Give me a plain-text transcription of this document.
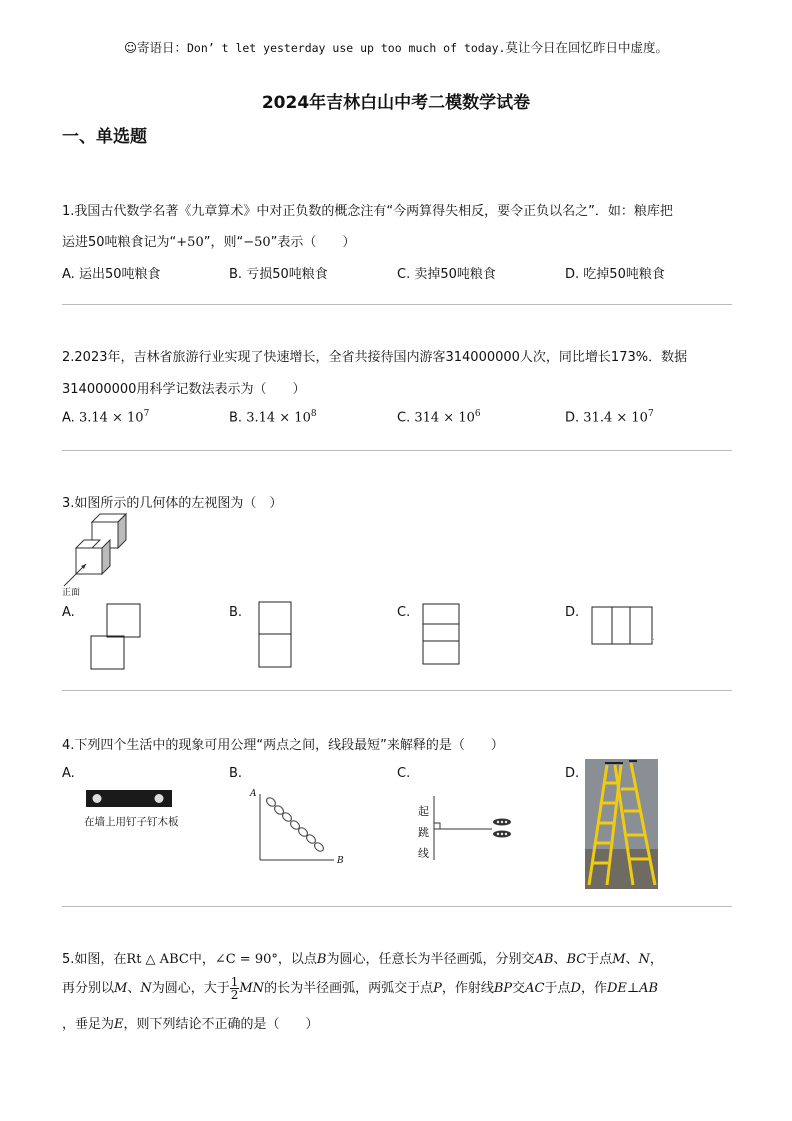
☺寄语日：Don’ t let yesterday use up too much of today.莫让今日在回忆昨日中虚度。
2024年吉林白山中考二模数学试卷
一、单选题
1.我国古代数学名著《九章算术》中对正负数的概念注有“今两算得失相反，要令正负以名之”．如：粮库把
运进50吨粮食记为“+50”，则“−50”表示（　　）
A. 运出50吨粮食	B. 亏损50吨粮食	C. 卖掉50吨粮食	D. 吃掉50吨粮食
2.2023年，吉林省旅游行业实现了快速增长，全省共接待国内游客314000000人次，同比增长173%．数据
314000000用科学记数法表示为（　　）
A. $3.14 \times 10^7$	B. $3.14 \times 10^8$	C. $314 \times 10^6$	D. $31.4 \times 10^7$
3.如图所示的几何体的左视图为（　）
正面
A.	B.	C.	D.
4.下列四个生活中的现象可用公理“两点之间，线段最短”来解释的是（　　）
A.
在墙上用钉子钉木板
B.
A
B
C.
起
跳
线
D.
5.如图，在Rt △ ABC中，∠C = 90°，以点B为圆心，任意长为半径画弧，分别交AB、BC于点M、N，
再分别以M、N为圆心，大于 $\frac{1}{2}$ MN的长为半径画弧，两弧交于点P，作射线BP交AC于点D，作DE⊥AB
，垂足为E，则下列结论不正确的是（　　）
